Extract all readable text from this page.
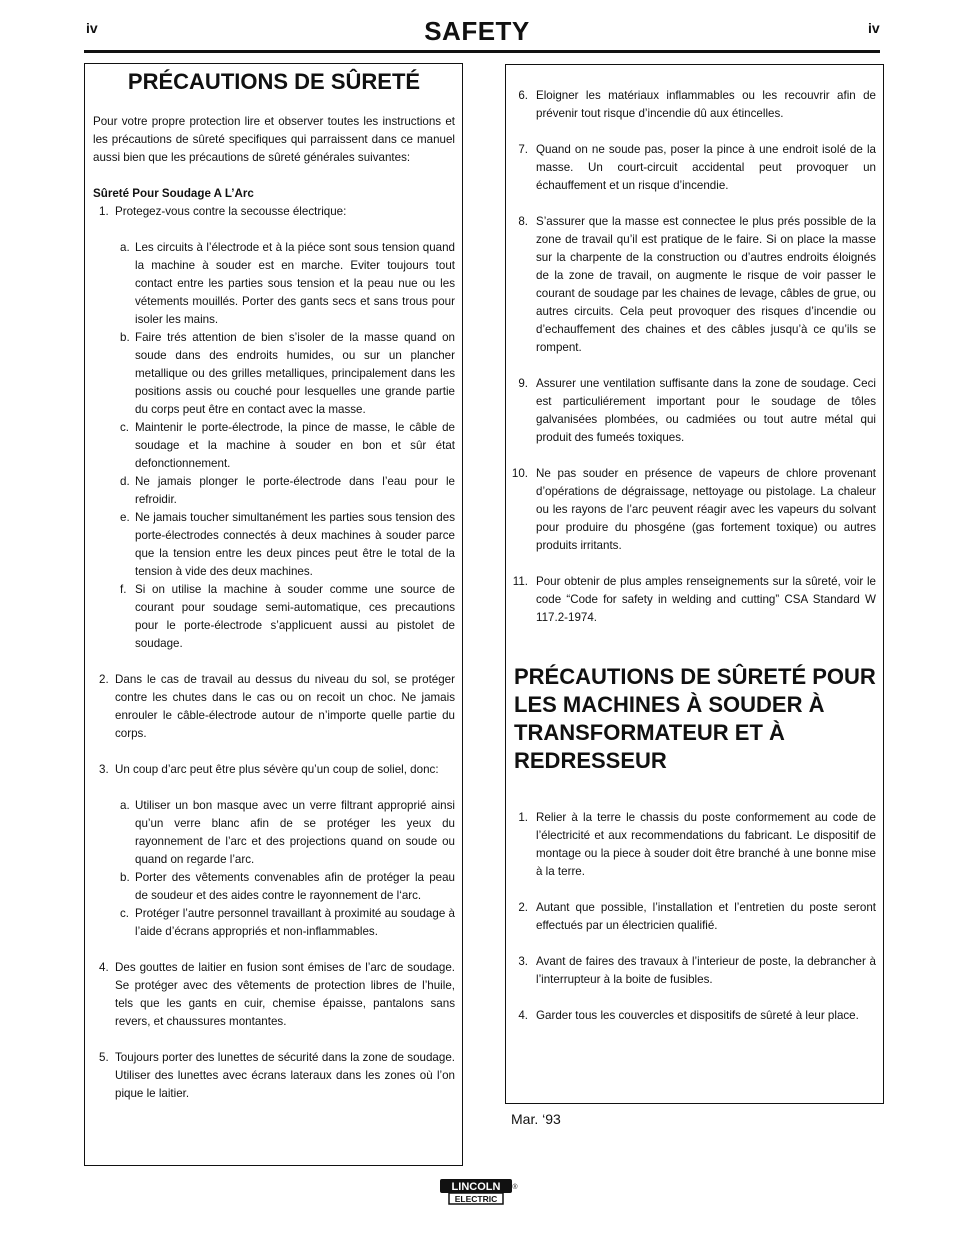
iv	SAFETY	iv
PRÉCAUTIONS DE SÛRETÉ

Pour votre propre protection lire et observer toutes les instructions et les précautions de sûreté specifiques qui parraissent dans ce manuel aussi bien que les précautions de sûreté générales suivantes:

Sûreté Pour Soudage A L’Arc
1. Protegez-vous contre la secousse électrique:
a. Les circuits à l’électrode et à la piéce sont sous tension quand la machine à souder est en marche. Eviter toujours tout contact entre les parties sous tension et la peau nue ou les vétements mouillés. Porter des gants secs et sans trous pour isoler les mains.
b. Faire trés attention de bien s’isoler de la masse quand on soude dans des endroits humides, ou sur un plancher metallique ou des grilles metalliques, principalement dans les positions assis ou couché pour lesquelles une grande partie du corps peut être en contact avec la masse.
c. Maintenir le porte-électrode, la pince de masse, le câble de soudage et la machine à souder en bon et sûr état defonctionnement.
d. Ne jamais plonger le porte-électrode dans l’eau pour le refroidir.
e. Ne jamais toucher simultanément les parties sous tension des porte-électrodes connectés à deux machines à souder parce que la tension entre les deux pinces peut être le total de la tension à vide des deux machines.
f. Si on utilise la machine à souder comme une source de courant pour soudage semi-automatique, ces precautions pour le porte-électrode s’applicuent aussi au pistolet de soudage.
2. Dans le cas de travail au dessus du niveau du sol, se protéger contre les chutes dans le cas ou on recoit un choc. Ne jamais enrouler le câble-électrode autour de n’importe quelle partie du corps.
3. Un coup d’arc peut être plus sévère qu’un coup de soliel, donc:
a. Utiliser un bon masque avec un verre filtrant approprié ainsi qu’un verre blanc afin de se protéger les yeux du rayonnement de l’arc et des projections quand on soude ou quand on regarde l’arc.
b. Porter des vêtements convenables afin de protéger la peau de soudeur et des aides contre le rayonnement de l‘arc.
c. Protéger l’autre personnel travaillant à proximité au soudage à l’aide d’écrans appropriés et non-inflammables.
4. Des gouttes de laitier en fusion sont émises de l’arc de soudage. Se protéger avec des vêtements de protection libres de l’huile, tels que les gants en cuir, chemise épaisse, pantalons sans revers, et chaussures montantes.
5. Toujours porter des lunettes de sécurité dans la zone de soudage. Utiliser des lunettes avec écrans lateraux dans les zones où l’on pique le laitier.
6. Eloigner les matériaux inflammables ou les recouvrir afin de prévenir tout risque d’incendie dû aux étincelles.
7. Quand on ne soude pas, poser la pince à une endroit isolé de la masse. Un court-circuit accidental peut provoquer un échauffement et un risque d’incendie.
8. S’assurer que la masse est connectee le plus prés possible de la zone de travail qu’il est pratique de le faire. Si on place la masse sur la charpente de la construction ou d’autres endroits éloignés de la zone de travail, on augmente le risque de voir passer le courant de soudage par les chaines de levage, câbles de grue, ou autres circuits. Cela peut provoquer des risques d’incendie ou d’echauffement des chaines et des câbles jusqu’à ce qu’ils se rompent.
9. Assurer une ventilation suffisante dans la zone de soudage. Ceci est particuliérement important pour le soudage de tôles galvanisées plombées, ou cadmiées ou tout autre métal qui produit des fumeés toxiques.
10. Ne pas souder en présence de vapeurs de chlore provenant d’opérations de dégraissage, nettoyage ou pistolage. La chaleur ou les rayons de l’arc peuvent réagir avec les vapeurs du solvant pour produire du phosgéne (gas fortement toxique) ou autres produits irritants.
11. Pour obtenir de plus amples renseignements sur la sûreté, voir le code “Code for safety in welding and cutting” CSA Standard W 117.2-1974.
PRÉCAUTIONS DE SÛRETÉ POUR LES MACHINES À SOUDER À TRANSFORMATEUR ET À REDRESSEUR
1. Relier à la terre le chassis du poste conformement au code de l’électricité et aux recommendations du fabricant. Le dispositif de montage ou la piece à souder doit être branché à une bonne mise à la terre.
2. Autant que possible, l’installation et l’entretien du poste seront effectués par un électricien qualifié.
3. Avant de faires des travaux à l’interieur de poste, la debrancher à l’interrupteur à la boite de fusibles.
4. Garder tous les couvercles et dispositifs de sûreté à leur place.
Mar. ‘93
LINCOLN
ELECTRIC
®
